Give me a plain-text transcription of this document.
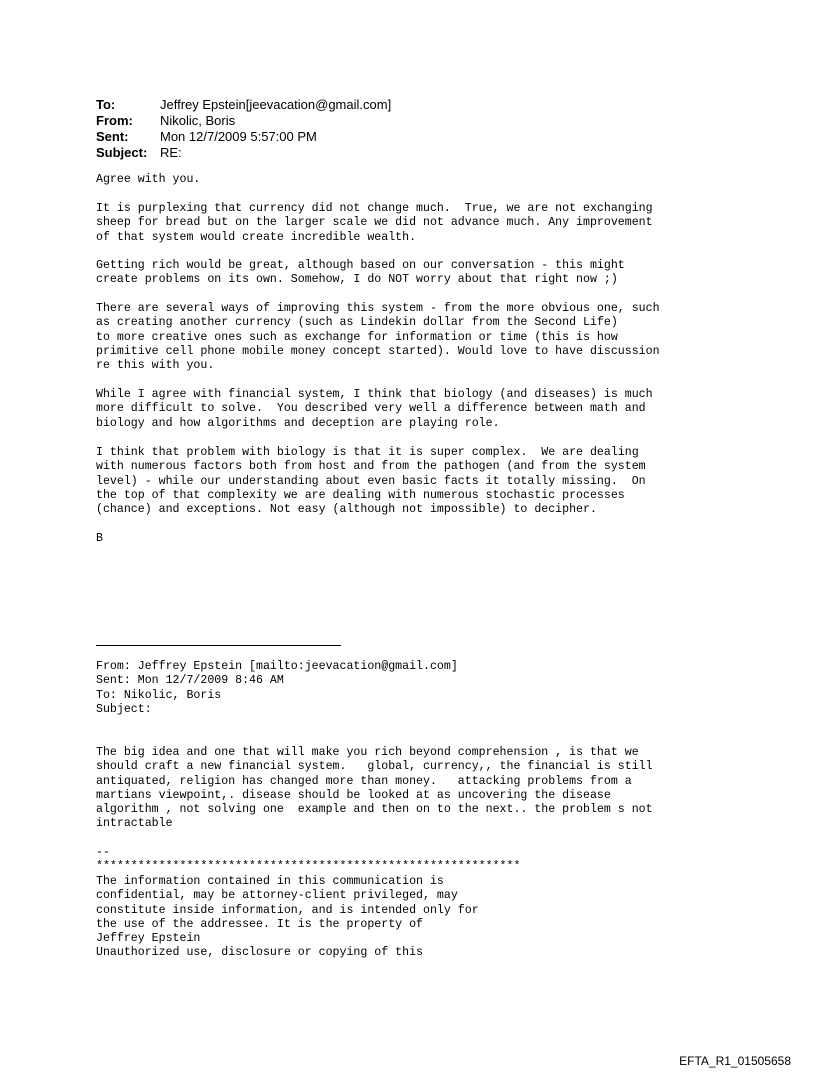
To:	Jeffrey Epstein[jeevacation@gmail.com]
From:	Nikolic, Boris
Sent:	Mon 12/7/2009 5:57:00 PM
Subject: RE:
Agree with you.
It is purplexing that currency did not change much.  True, we are not exchanging
sheep for bread but on the larger scale we did not advance much. Any improvement
of that system would create incredible wealth.
Getting rich would be great, although based on our conversation - this might
create problems on its own. Somehow, I do NOT worry about that right now ;)
There are several ways of improving this system - from the more obvious one, such
as creating another currency (such as Lindekin dollar from the Second Life)
to more creative ones such as exchange for information or time (this is how
primitive cell phone mobile money concept started). Would love to have discussion
re this with you.
While I agree with financial system, I think that biology (and diseases) is much
more difficult to solve.  You described very well a difference between math and
biology and how algorithms and deception are playing role.
I think that problem with biology is that it is super complex.  We are dealing
with numerous factors both from host and from the pathogen (and from the system
level) - while our understanding about even basic facts it totally missing.  On
the top of that complexity we are dealing with numerous stochastic processes
(chance) and exceptions. Not easy (although not impossible) to decipher.
B
From: Jeffrey Epstein [mailto:jeevacation@gmail.com]
Sent: Mon 12/7/2009 8:46 AM
To: Nikolic, Boris
Subject:
The big idea and one that will make you rich beyond comprehension , is that we
should craft a new financial system.   global, currency,, the financial is still
antiquated, religion has changed more than money.   attacking problems from a
martians viewpoint,. disease should be looked at as uncovering the disease
algorithm , not solving one  example and then on to the next.. the problem s not
intractable
--
*************************************************************
The information contained in this communication is
confidential, may be attorney-client privileged, may
constitute inside information, and is intended only for
the use of the addressee. It is the property of
Jeffrey Epstein
Unauthorized use, disclosure or copying of this
EFTA_R1_01505658
